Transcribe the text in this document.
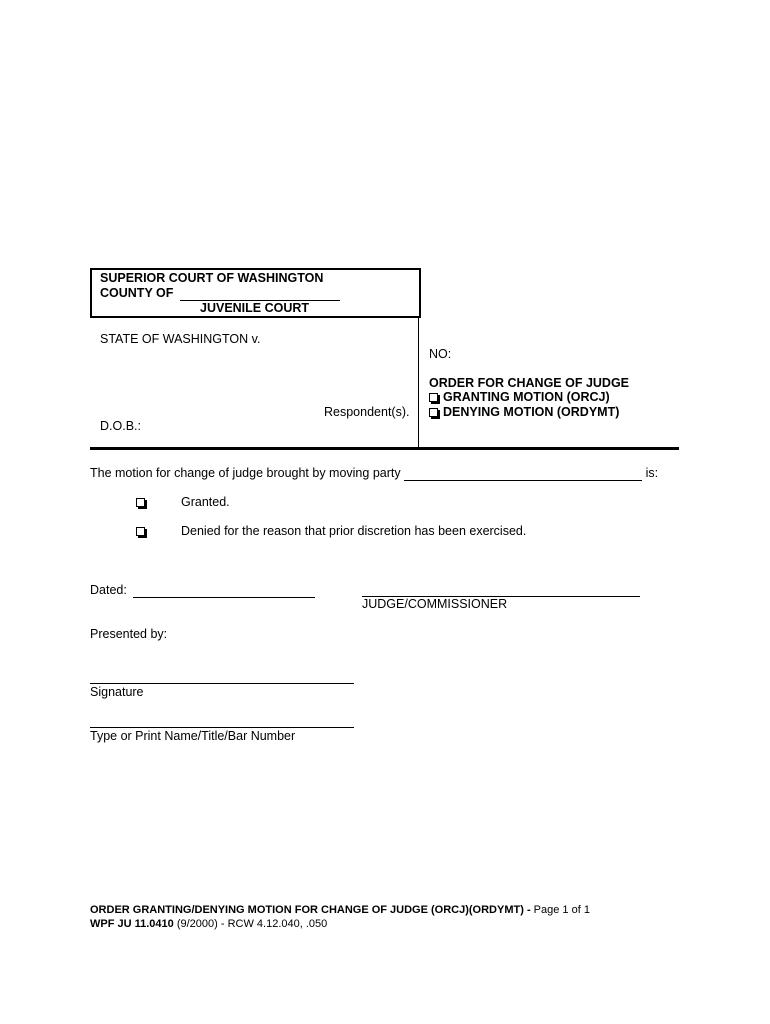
SUPERIOR COURT OF WASHINGTON
COUNTY OF
JUVENILE COURT
STATE OF WASHINGTON v.
Respondent(s).
D.O.B.:
NO:
ORDER FOR CHANGE OF JUDGE
GRANTING MOTION (ORCJ)
DENYING MOTION (ORDYMT)
The motion for change of judge brought by moving party	is:
Granted.
Denied for the reason that prior discretion has been exercised.
Dated:
JUDGE/COMMISSIONER
Presented by:
Signature
Type or Print Name/Title/Bar Number
ORDER GRANTING/DENYING MOTION FOR CHANGE OF JUDGE (ORCJ)(ORDYMT) - Page 1 of 1
WPF JU 11.0410 (9/2000) - RCW 4.12.040, .050
